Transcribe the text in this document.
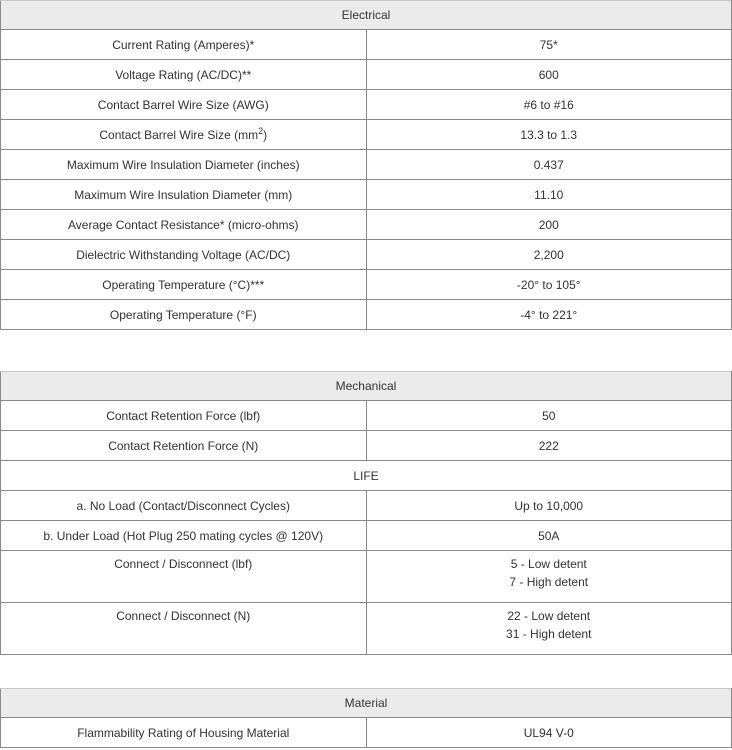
Electrical	
Current Rating (Amperes)*	75*
Voltage Rating (AC/DC)**	600
Contact Barrel Wire Size (AWG)	#6 to #16
Contact Barrel Wire Size $(mm^2)$	13.3 to 1.3
Maximum Wire Insulation Diameter (inches)	0.437
Maximum Wire Insulation Diameter (mm)	11.10
Average Contact Resistance* (micro-ohms)	200
Dielectric Withstanding Voltage (AC/DC)	2,200
Operating Temperature (°C)***	-20° to 105°
Operating Temperature (°F)	-4° to 221°
Mechanical	
Contact Retention Force (lbf)	50
Contact Retention Force (N)	222
LIFE	
a. No Load (Contact/Disconnect Cycles)	Up to 10,000
b. Under Load (Hot Plug 250 mating cycles @ 120V)	50A
Connect / Disconnect (lbf)	5 - Low detent
7 - High detent

Connect / Disconnect (N)	22 - Low detent
31 - High detent
Material
Flammability Rating of Housing Material	UL94 V-0
